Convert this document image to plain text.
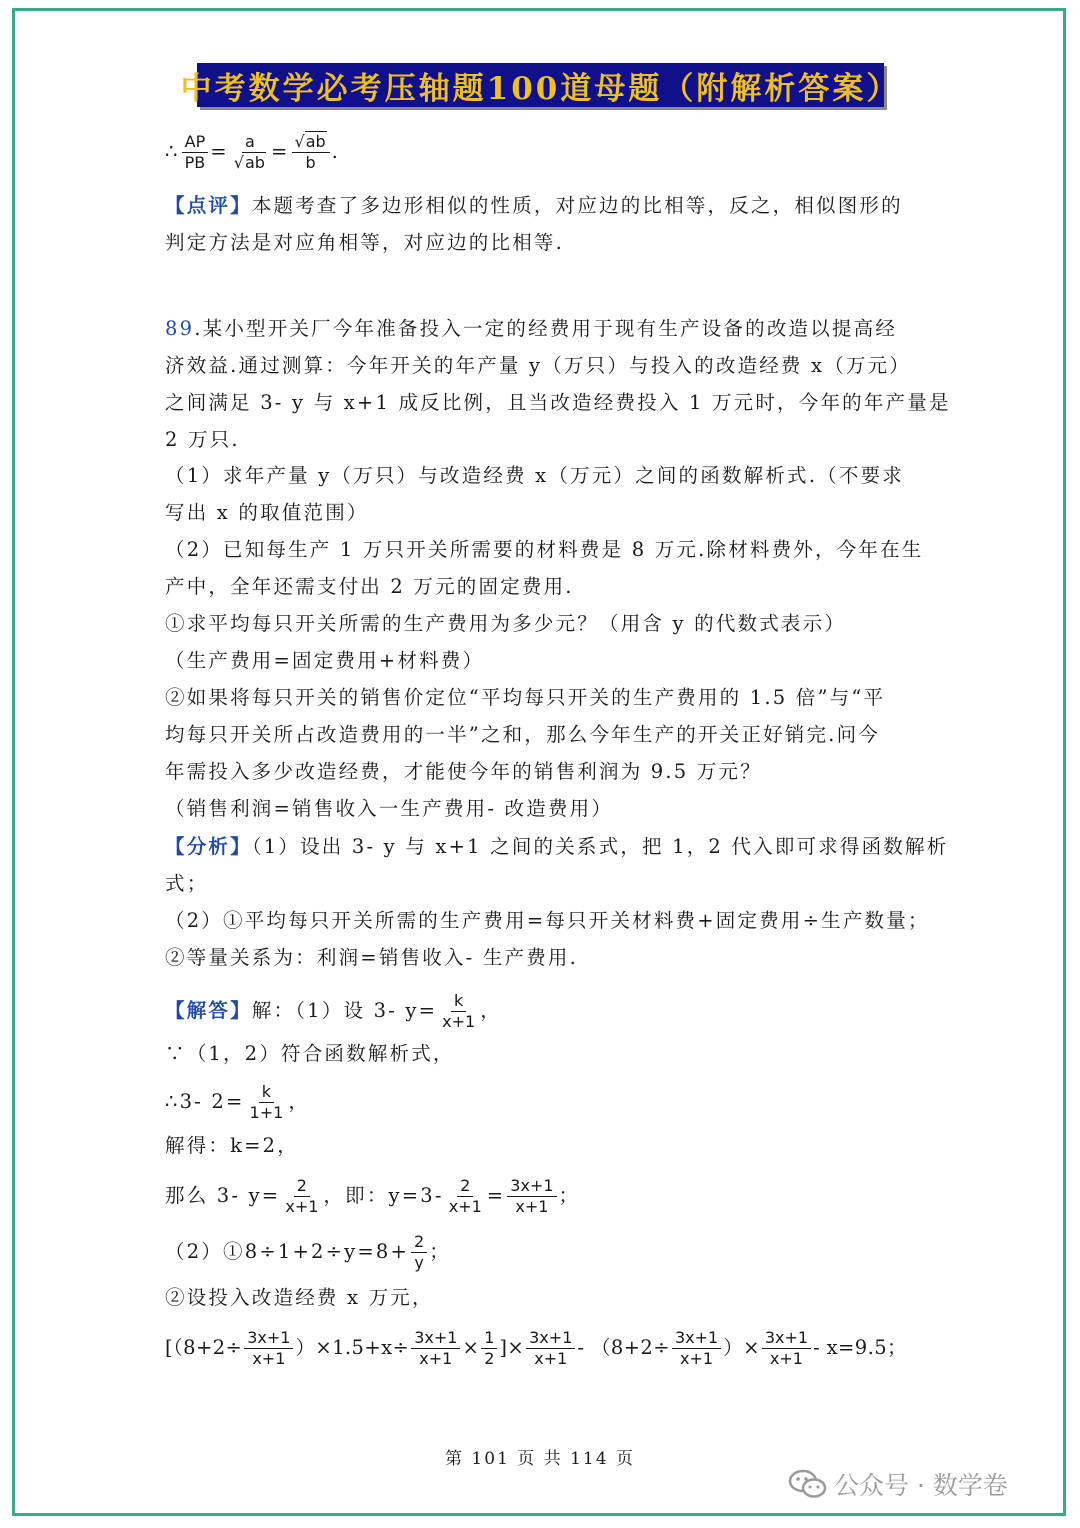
中考数学必考压轴题100道母题（附解析答案）
∴ $\frac{AP}{PB} = \frac{a}{√ab} = \frac{√ab}{b}$ .
【点评】本题考查了多边形相似的性质，对应边的比相等，反之，相似图形的
判定方法是对应角相等，对应边的比相等.
89.某小型开关厂今年准备投入一定的经费用于现有生产设备的改造以提高经
济效益.通过测算：今年开关的年产量 y（万只）与投入的改造经费 x（万元）
之间满足 3- y 与 x+1 成反比例，且当改造经费投入 1 万元时，今年的年产量是
2 万只.
（1）求年产量 y（万只）与改造经费 x（万元）之间的函数解析式.（不要求
写出 x 的取值范围）
（2）已知每生产 1 万只开关所需要的材料费是 8 万元.除材料费外，今年在生
产中，全年还需支付出 2 万元的固定费用.
①求平均每只开关所需的生产费用为多少元？（用含 y 的代数式表示）
（生产费用=固定费用+材料费）
②如果将每只开关的销售价定位“平均每只开关的生产费用的 1.5 倍”与“平
均每只开关所占改造费用的一半”之和，那么今年生产的开关正好销完.问今
年需投入多少改造经费，才能使今年的销售利润为 9.5 万元？
（销售利润=销售收入一生产费用- 改造费用）
【分析】（1）设出 3- y 与 x+1 之间的关系式，把 1，2 代入即可求得函数解析
式；
（2）①平均每只开关所需的生产费用=每只开关材料费+固定费用÷生产数量；
②等量关系为：利润=销售收入- 生产费用.
【解答】解：（1）设 3- $y= \frac{k}{x+1}$ ，
∵（1，2）符合函数解析式，
∴3- $2= \frac{k}{1+1}$ ，
解得：k=2，
那么 3- $y= \frac{2}{x+1}$ ，即：$y=3- \frac{2}{x+1} = \frac{3x+1}{x+1}$ ；
（2）①8÷1+2÷y=8+ $\frac{2}{y}$ ；
②设投入改造经费 x 万元，
[$(8+2\div \frac{3x+1}{x+1} )\times 1.5+x\div \frac{3x+1}{x+1} \times \frac{1}{2}$ ]× $\frac{3x+1}{x+1} - (8+2\div \frac{3x+1}{x+1}$ ）× $\frac{3x+1}{x+1} - x=9.5$；
第 101 页 共 114 页
公众号 · 数学卷
